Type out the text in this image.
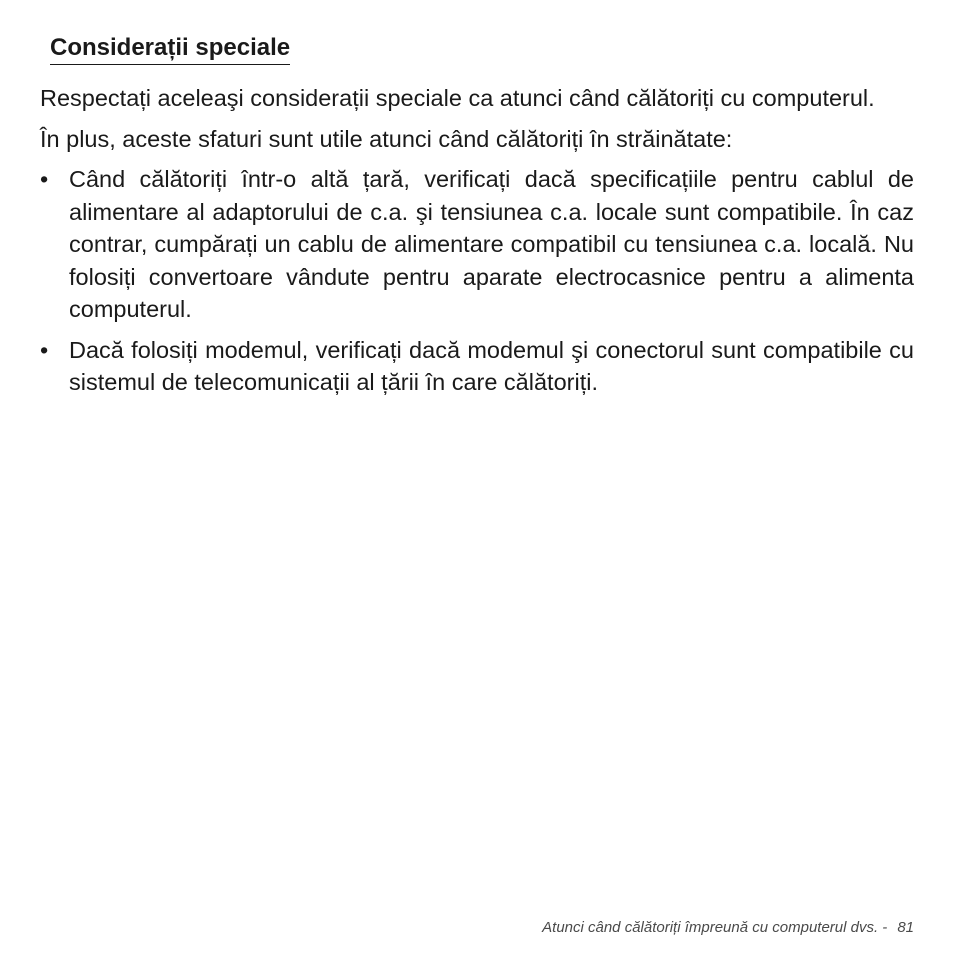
Considerații speciale

Respectați aceleaşi considerații speciale ca atunci când călătoriți cu computerul.

În plus, aceste sfaturi sunt utile atunci când călătoriți în străinătate:

• Când călătoriți într-o altă țară, verificați dacă specificațiile pentru cablul de alimentare al adaptorului de c.a. şi tensiunea c.a. locale sunt compatibile. În caz contrar, cumpărați un cablu de alimentare compatibil cu tensiunea c.a. locală. Nu folosiți convertoare vândute pentru aparate electrocasnice pentru a alimenta computerul.
• Dacă folosiți modemul, verificați dacă modemul şi conectorul sunt compatibile cu sistemul de telecomunicații al țării în care călătoriți.
Atunci când călătoriți împreună cu computerul dvs. - 81
